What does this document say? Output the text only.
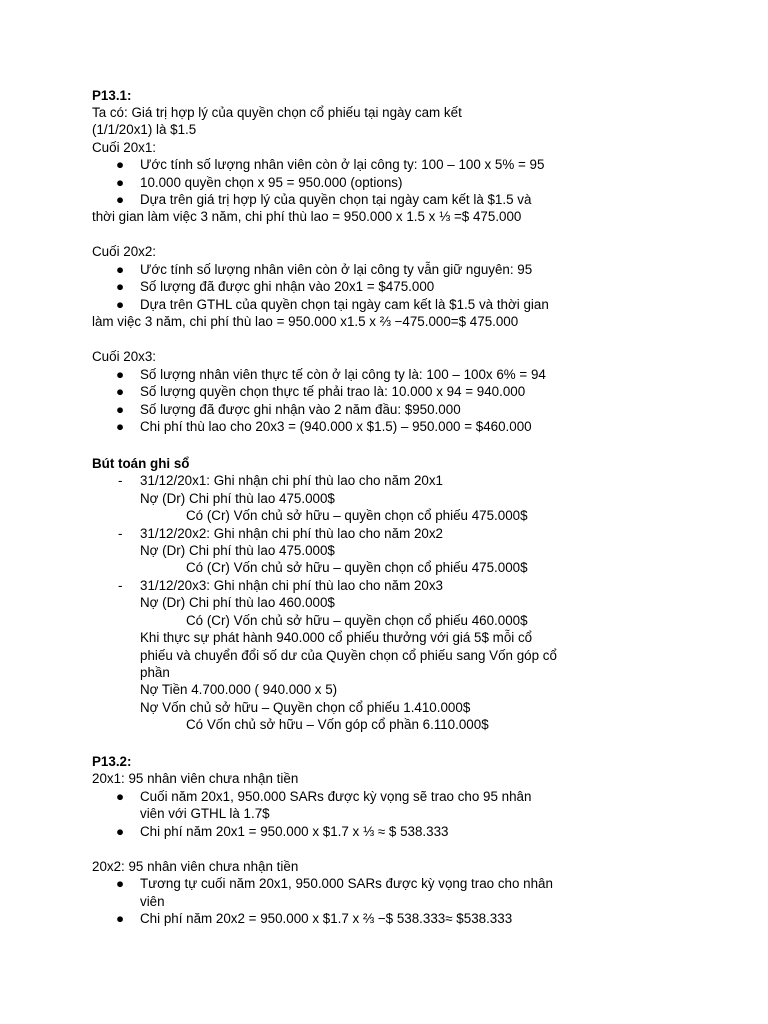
P13.1:
Ta có: Giá trị hợp lý của quyền chọn cổ phiếu tại ngày cam kết
(1/1/20x1) là $1.5
Cuối 20x1:
● Ước tính số lượng nhân viên còn ở lại công ty: 100 – 100 x 5% = 95
● 10.000 quyền chọn x 95 = 950.000 (options)
● Dựa trên giá trị hợp lý của quyền chọn tại ngày cam kết là $1.5 và
thời gian làm việc 3 năm, chi phí thù lao = 950.000 x 1.5 x ⅓ =$ 475.000
Cuối 20x2:
● Ước tính số lượng nhân viên còn ở lại công ty vẫn giữ nguyên: 95
● Số lượng đã được ghi nhận vào 20x1 = $475.000
● Dựa trên GTHL của quyền chọn tại ngày cam kết là $1.5 và thời gian
làm việc 3 năm, chi phí thù lao = 950.000 x1.5 x ⅔ −475.000=$ 475.000
Cuối 20x3:
● Số lượng nhân viên thực tế còn ở lại công ty là: 100 – 100x 6% = 94
● Số lượng quyền chọn thực tế phải trao là: 10.000 x 94 = 940.000
● Số lượng đã được ghi nhận vào 2 năm đầu: $950.000
● Chi phí thù lao cho 20x3 = (940.000 x $1.5) – 950.000 = $460.000
Bút toán ghi sổ
- 31/12/20x1: Ghi nhận chi phí thù lao cho năm 20x1
Nợ (Dr) Chi phí thù lao 475.000$
Có (Cr) Vốn chủ sở hữu – quyền chọn cổ phiếu 475.000$
- 31/12/20x2: Ghi nhận chi phí thù lao cho năm 20x2
Nợ (Dr) Chi phí thù lao 475.000$
Có (Cr) Vốn chủ sở hữu – quyền chọn cổ phiếu 475.000$
- 31/12/20x3: Ghi nhận chi phí thù lao cho năm 20x3
Nợ (Dr) Chi phí thù lao 460.000$
Có (Cr) Vốn chủ sở hữu – quyền chọn cổ phiếu 460.000$
Khi thực sự phát hành 940.000 cổ phiếu thưởng với giá 5$ mỗi cổ
phiếu và chuyển đổi số dư của Quyền chọn cổ phiếu sang Vốn góp cổ
phần
Nợ Tiền 4.700.000 ( 940.000 x 5)
Nợ Vốn chủ sở hữu – Quyền chọn cổ phiếu 1.410.000$
Có Vốn chủ sở hữu – Vốn góp cổ phần 6.110.000$
P13.2:
20x1: 95 nhân viên chưa nhận tiền
● Cuối năm 20x1, 950.000 SARs được kỳ vọng sẽ trao cho 95 nhân
viên với GTHL là 1.7$
● Chi phí năm 20x1 = 950.000 x $1.7 x ⅓ ≈ $ 538.333
20x2: 95 nhân viên chưa nhận tiền
● Tương tự cuối năm 20x1, 950.000 SARs được kỳ vọng trao cho nhân
viên
● Chi phí năm 20x2 = 950.000 x $1.7 x ⅔ −$ 538.333≈ $538.333
